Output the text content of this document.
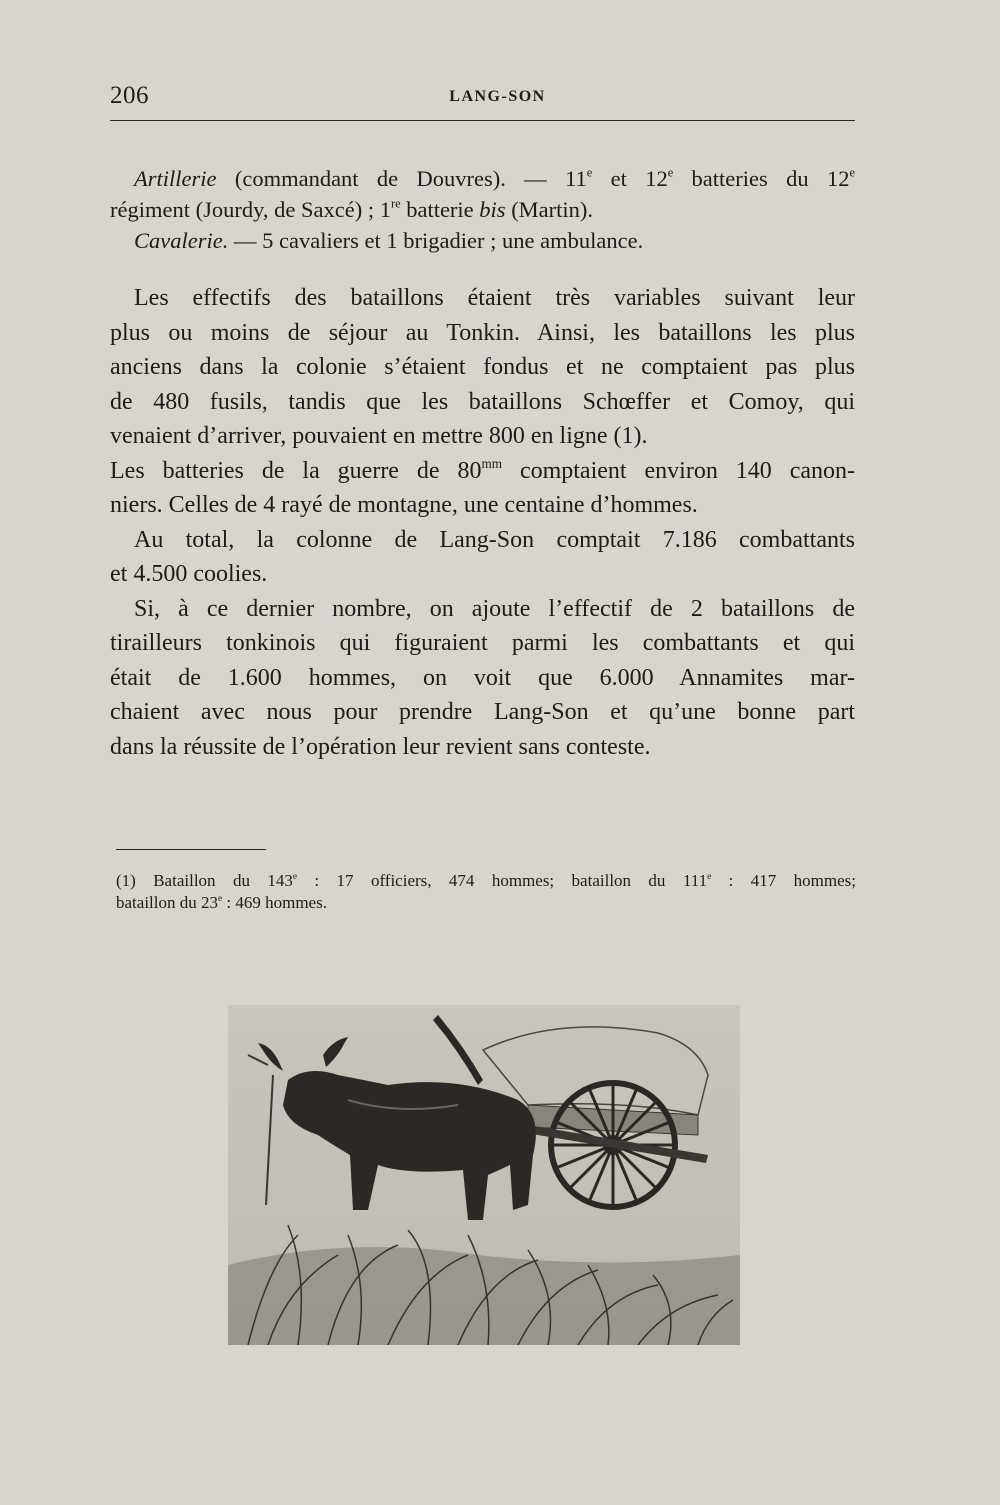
206	LANG-SON
Artillerie (commandant de Douvres). — 11e et 12e batteries du 12e
régiment (Jourdy, de Saxcé) ; 1re batterie bis (Martin).
Cavalerie. — 5 cavaliers et 1 brigadier ; une ambulance.
Les effectifs des bataillons étaient très variables suivant leur
plus ou moins de séjour au Tonkin. Ainsi, les bataillons les plus
anciens dans la colonie s’étaient fondus et ne comptaient pas plus
de 480 fusils, tandis que les bataillons Schœffer et Comoy, qui
venaient d’arriver, pouvaient en mettre 800 en ligne (1).
Les batteries de la guerre de $80^{mm}$ comptaient environ 140 canon-
niers. Celles de 4 rayé de montagne, une centaine d’hommes.
Au total, la colonne de Lang-Son comptait 7.186 combattants
et 4.500 coolies.
Si, à ce dernier nombre, on ajoute l’effectif de 2 bataillons de
tirailleurs tonkinois qui figuraient parmi les combattants et qui
était de 1.600 hommes, on voit que 6.000 Annamites mar-
chaient avec nous pour prendre Lang-Son et qu’une bonne part
dans la réussite de l’opération leur revient sans conteste.
(1) Bataillon du 143e : 17 officiers, 474 hommes; bataillon du 111e : 417 hommes;
bataillon du 23e : 469 hommes.
